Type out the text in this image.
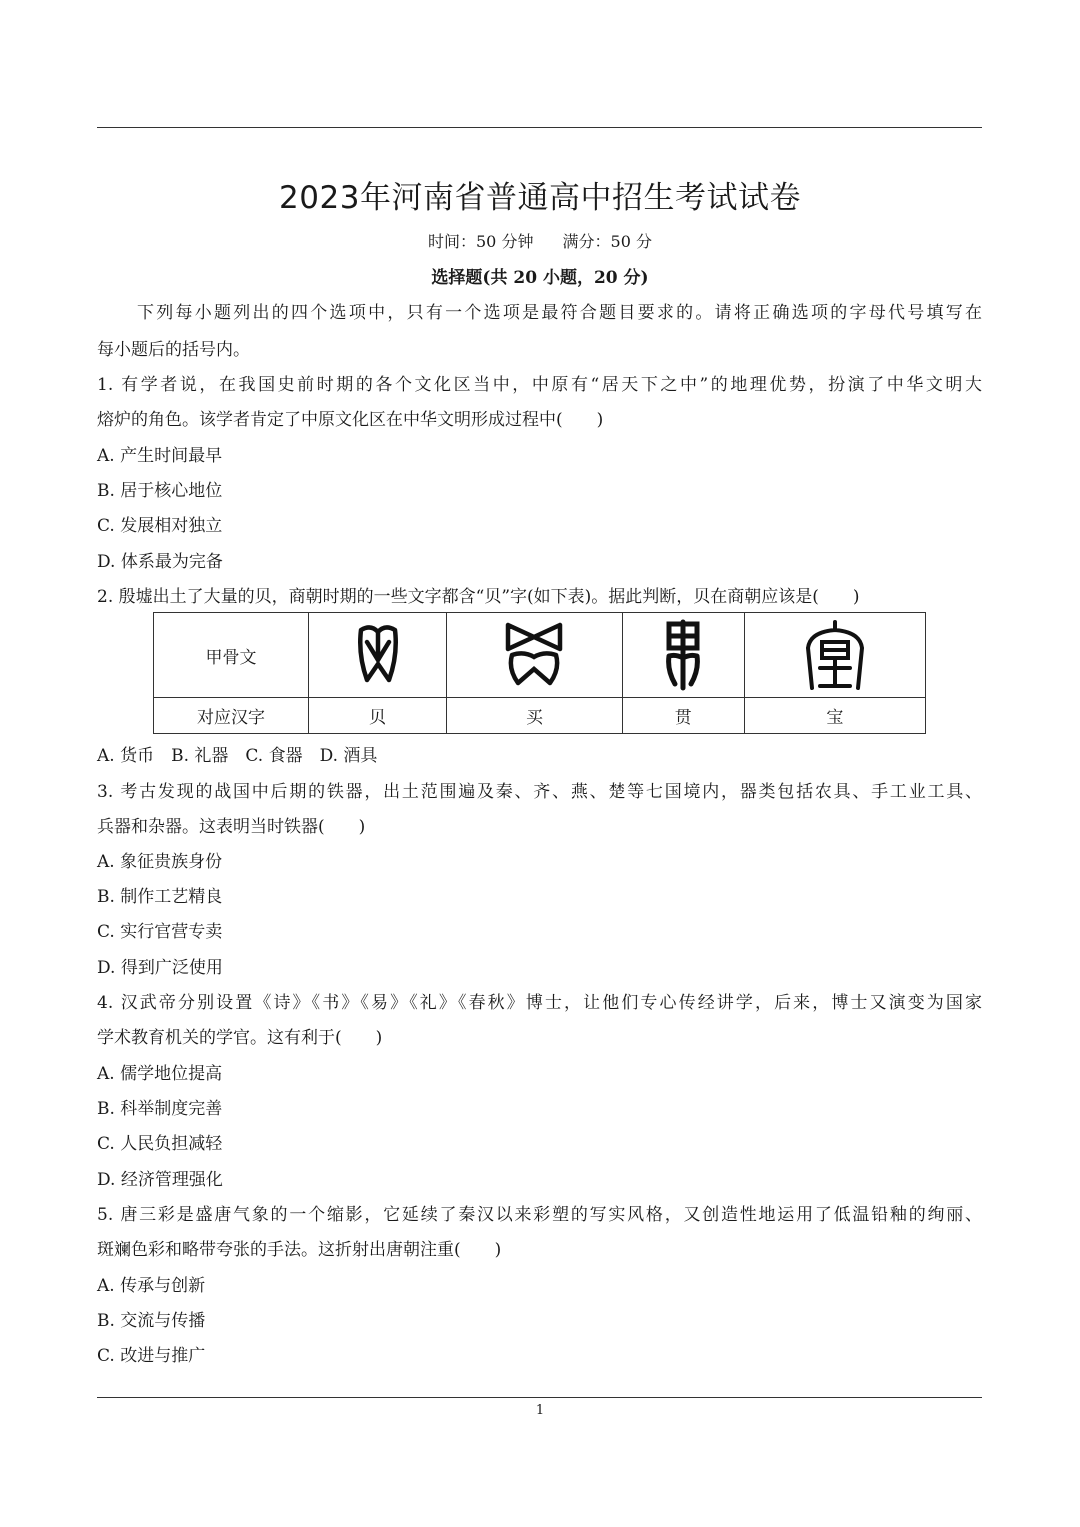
2023年河南省普通高中招生考试试卷
时间：50 分钟 满分：50 分
选择题(共 20 小题，20 分)
下列每小题列出的四个选项中，只有一个选项是最符合题目要求的。请将正确选项的字母代号填写在
每小题后的括号内。
1. 有学者说，在我国史前时期的各个文化区当中，中原有“居天下之中”的地理优势，扮演了中华文明大
熔炉的角色。该学者肯定了中原文化区在中华文明形成过程中(　　)
A. 产生时间最早
B. 居于核心地位
C. 发展相对独立
D. 体系最为完备
2. 殷墟出土了大量的贝，商朝时期的一些文字都含“贝”字(如下表)。据此判断，贝在商朝应该是(　　)
甲骨文				
对应汉字	贝	买	贯	宝
A. 货币　B. 礼器　C. 食器　D. 酒具
3. 考古发现的战国中后期的铁器，出土范围遍及秦、齐、燕、楚等七国境内，器类包括农具、手工业工具、
兵器和杂器。这表明当时铁器(　　)
A. 象征贵族身份
B. 制作工艺精良
C. 实行官营专卖
D. 得到广泛使用
4. 汉武帝分别设置《诗》《书》《易》《礼》《春秋》博士，让他们专心传经讲学，后来，博士又演变为国家
学术教育机关的学官。这有利于(　　)
A. 儒学地位提高
B. 科举制度完善
C. 人民负担减轻
D. 经济管理强化
5. 唐三彩是盛唐气象的一个缩影，它延续了秦汉以来彩塑的写实风格，又创造性地运用了低温铅釉的绚丽、
斑斓色彩和略带夸张的手法。这折射出唐朝注重(　　)
A. 传承与创新
B. 交流与传播
C. 改进与推广
1
